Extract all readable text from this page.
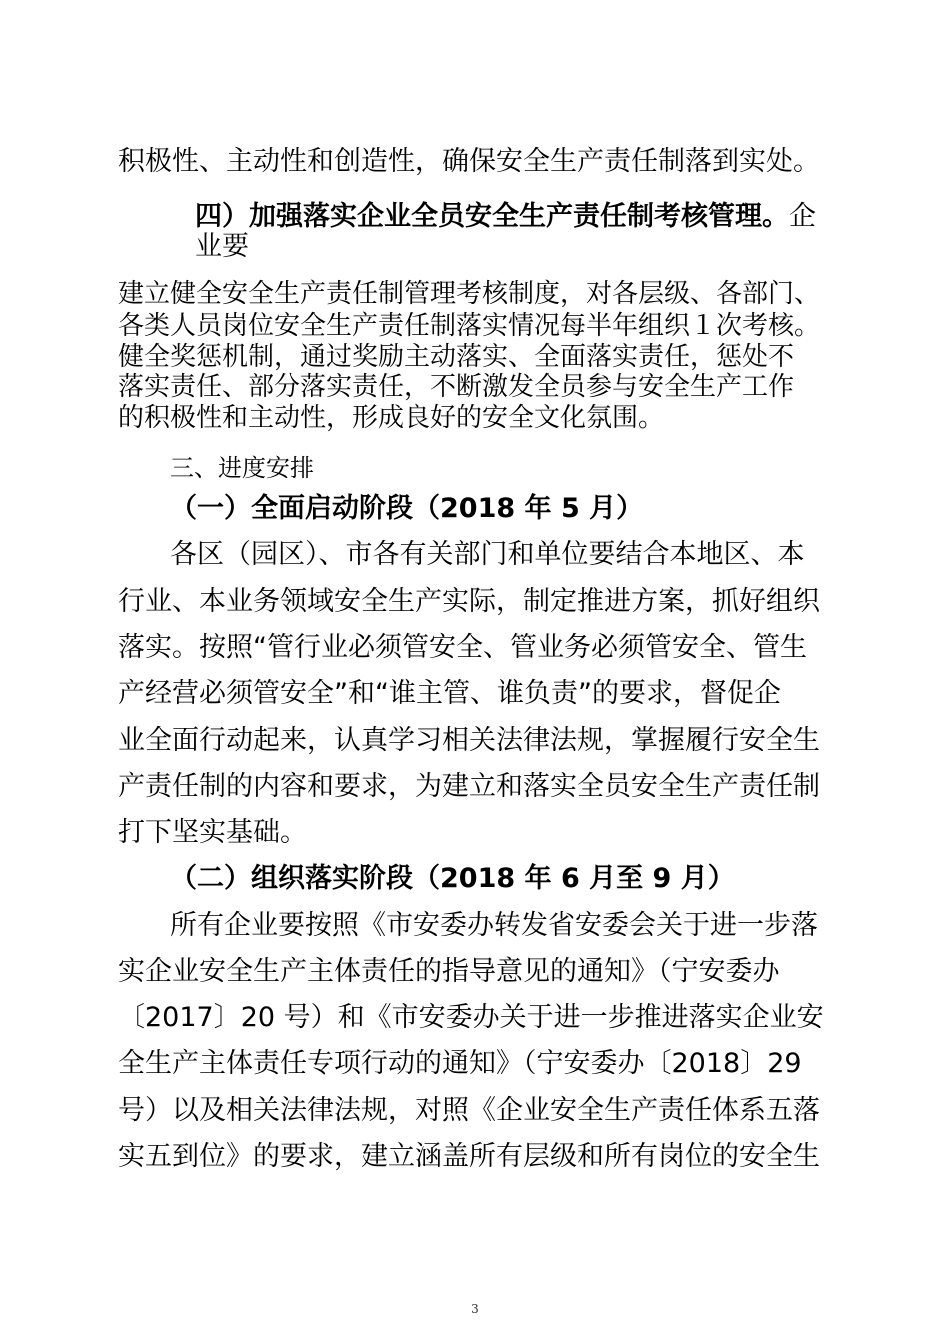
积极性、主动性和创造性，确保安全生产责任制落到实处。
四）加强落实企业全员安全生产责任制考核管理。企
业要
建立健全安全生产责任制管理考核制度，对各层级、各部门、
各类人员岗位安全生产责任制落实情况每半年组织１次考核。
健全奖惩机制，通过奖励主动落实、全面落实责任，惩处不
落实责任、部分落实责任，不断激发全员参与安全生产工作
的积极性和主动性，形成良好的安全文化氛围。
三、进度安排
（一）全面启动阶段（2018 年 5 月）
各区（园区）、市各有关部门和单位要结合本地区、本
行业、本业务领域安全生产实际，制定推进方案，抓好组织
落实。按照“管行业必须管安全、管业务必须管安全、管生
产经营必须管安全”和“谁主管、谁负责”的要求，督促企
业全面行动起来，认真学习相关法律法规，掌握履行安全生
产责任制的内容和要求，为建立和落实全员安全生产责任制
打下坚实基础。
（二）组织落实阶段（2018 年 6 月至 9 月）
所有企业要按照《市安委办转发省安委会关于进一步落
实企业安全生产主体责任的指导意见的通知》（宁安委办
〔2017〕20 号）和《市安委办关于进一步推进落实企业安
全生产主体责任专项行动的通知》（宁安委办〔2018〕29
号）以及相关法律法规，对照《企业安全生产责任体系五落
实五到位》的要求，建立涵盖所有层级和所有岗位的安全生
3
